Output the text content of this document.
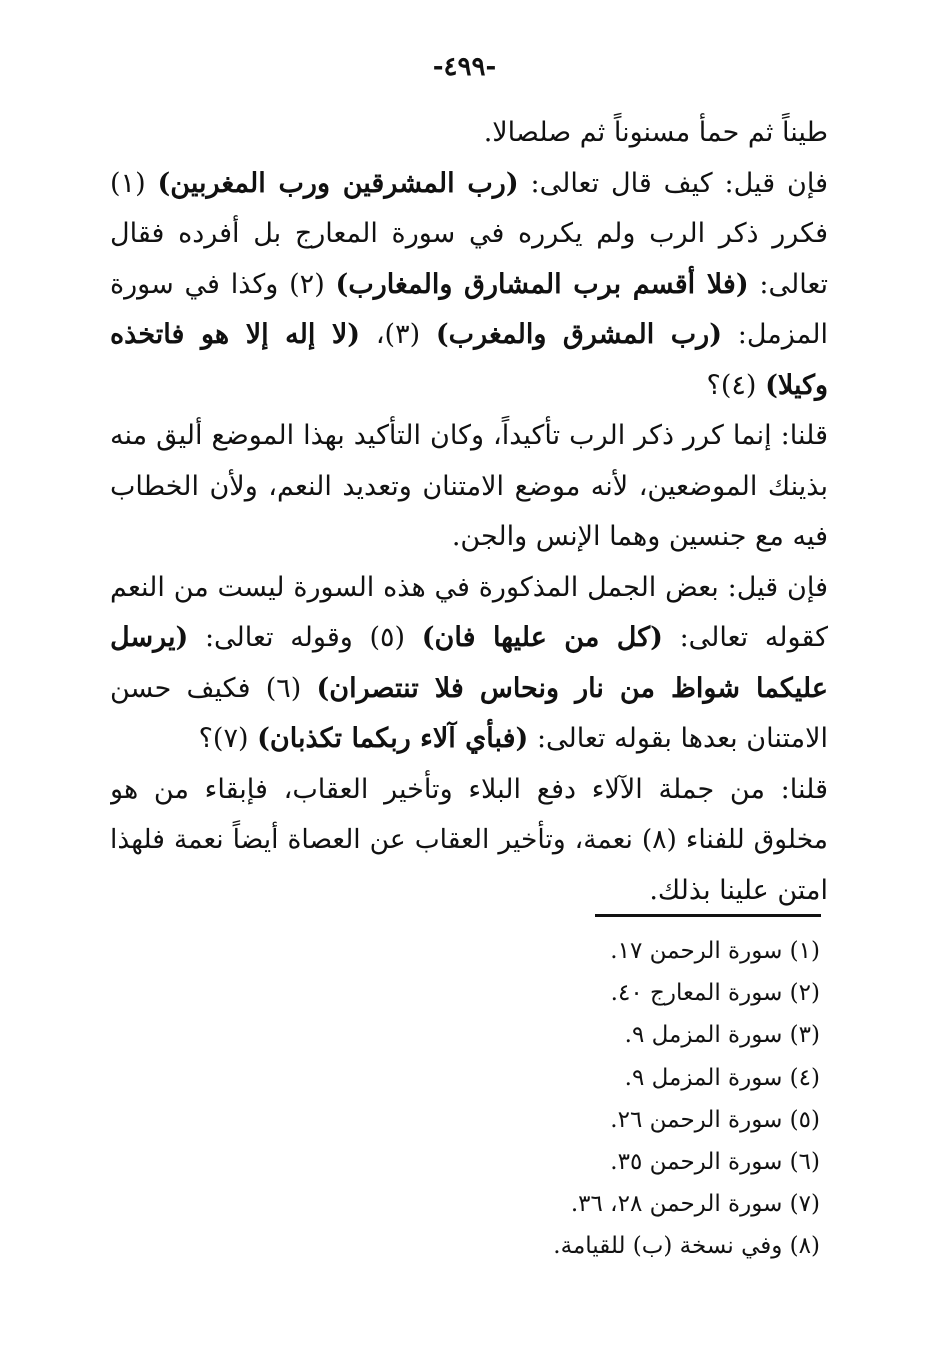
-٤٩٩-
طيناً ثم حمأ مسنوناً ثم صلصالا.
فإن قيل: كيف قال تعالى: (رب المشرقين ورب المغربين) (١)
فكرر ذكر الرب ولم يكرره في سورة المعارج بل أفرده فقال
تعالى: (فلا أقسم برب المشارق والمغارب) (٢) وكذا في سورة
المزمل: (رب المشرق والمغرب) (٣)، (لا إله إلا هو فاتخذه
وكيلا) (٤)؟
قلنا: إنما كرر ذكر الرب تأكيداً، وكان التأكيد بهذا الموضع أليق منه
بذينك الموضعين، لأنه موضع الامتنان وتعديد النعم، ولأن الخطاب
فيه مع جنسين وهما الإنس والجن.
فإن قيل: بعض الجمل المذكورة في هذه السورة ليست من النعم
كقوله تعالى: (كل من عليها فان) (٥) وقوله تعالى: (يرسل
عليكما شواظ من نار ونحاس فلا تنتصران) (٦) فكيف حسن
الامتنان بعدها بقوله تعالى: (فبأي آلاء ربكما تكذبان) (٧)؟
قلنا: من جملة الآلاء دفع البلاء وتأخير العقاب، فإبقاء من هو
مخلوق للفناء (٨) نعمة، وتأخير العقاب عن العصاة أيضاً نعمة فلهذا
امتن علينا بذلك.
(١) سورة الرحمن ١٧.
(٢) سورة المعارج ٤٠.
(٣) سورة المزمل ٩.
(٤) سورة المزمل ٩.
(٥) سورة الرحمن ٢٦.
(٦) سورة الرحمن ٣٥.
(٧) سورة الرحمن ٢٨، ٣٦.
(٨) وفي نسخة (ب) للقيامة.
